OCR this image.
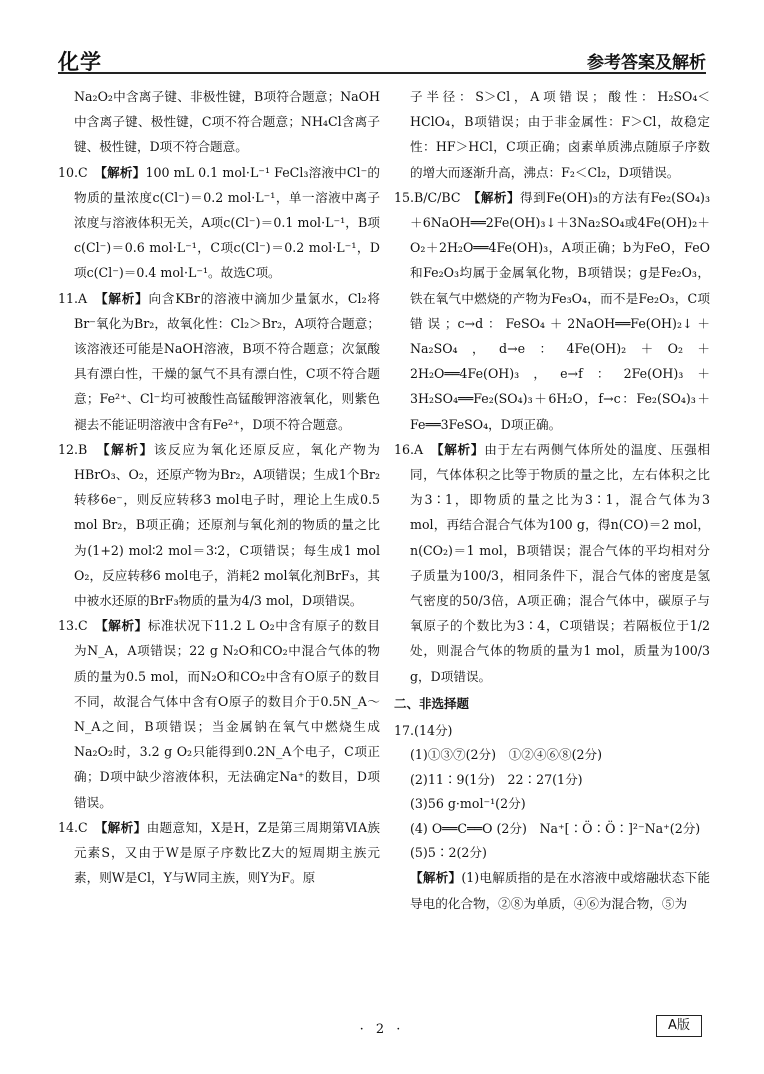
化学	参考答案及解析

Na₂O₂中含离子键、非极性键，B项符合题意；NaOH中含离子键、极性键，C项不符合题意；NH₄Cl含离子键、极性键，D项不符合题意。

10.C　 【解析】100 mL 0.1 mol·L⁻¹ FeCl₃溶液中Cl⁻的物质的量浓度c(Cl⁻)＝0.2 mol·L⁻¹，单一溶液中离子浓度与溶液体积无关，A项c(Cl⁻)＝0.1 mol·L⁻¹，B项c(Cl⁻)＝0.6 mol·L⁻¹，C项c(Cl⁻)＝0.2 mol·L⁻¹，D项c(Cl⁻)＝0.4 mol·L⁻¹。故选C项。

11.A　 【解析】向含KBr的溶液中滴加少量氯水，Cl₂将Br⁻氧化为Br₂，故氧化性：Cl₂＞Br₂，A项符合题意；该溶液还可能是NaOH溶液，B项不符合题意；次氯酸具有漂白性，干燥的氯气不具有漂白性，C项不符合题意；Fe²⁺、Cl⁻均可被酸性高锰酸钾溶液氧化，则紫色褪去不能证明溶液中含有Fe²⁺，D项不符合题意。

12.B　 【解析】该反应为氧化还原反应，氧化产物为HBrO₃、O₂，还原产物为Br₂，A项错误；生成1个Br₂转移6e⁻，则反应转移3 mol电子时，理论上生成0.5 mol Br₂，B项正确；还原剂与氧化剂的物质的量之比为(1+2) mol∶2 mol＝3∶2，C项错误；每生成1 mol O₂，反应转移6 mol电子，消耗2 mol氧化剂BrF₃，其中被水还原的BrF₃物质的量为4/3 mol，D项错误。

13.C　 【解析】标准状况下11.2 L O₂中含有原子的数目为N_A，A项错误；22 g N₂O和CO₂中混合气体的物质的量为0.5 mol，而N₂O和CO₂中含有O原子的数目不同，故混合气体中含有O原子的数目介于0.5N_A～N_A之间，B项错误；当金属钠在氧气中燃烧生成Na₂O₂时，3.2 g O₂只能得到0.2N_A个电子，C项正确；D项中缺少溶液体积，无法确定Na⁺的数目，D项错误。

14.C　 【解析】由题意知，X是H，Z是第三周期第ⅥA族元素S，又由于W是原子序数比Z大的短周期主族元素，则W是Cl，Y与W同主族，则Y为F。原

子半径：S＞Cl，A项错误；酸性：H₂SO₄＜HClO₄，B项错误；由于非金属性：F＞Cl，故稳定性：HF＞HCl，C项正确；卤素单质沸点随原子序数的增大而逐渐升高，沸点：F₂＜Cl₂，D项错误。

15.B/C/BC　 【解析】得到Fe(OH)₃的方法有Fe₂(SO₄)₃＋6NaOH══2Fe(OH)₃↓＋3Na₂SO₄或4Fe(OH)₂＋O₂＋2H₂O══4Fe(OH)₃，A项正确；b为FeO，FeO和Fe₂O₃均属于金属氧化物，B项错误；g是Fe₂O₃，铁在氧气中燃烧的产物为Fe₃O₄，而不是Fe₂O₃，C项错误；c→d：FeSO₄＋2NaOH══Fe(OH)₂↓＋Na₂SO₄，d→e：4Fe(OH)₂＋O₂＋2H₂O══4Fe(OH)₃，e→f：2Fe(OH)₃＋3H₂SO₄══Fe₂(SO₄)₃＋6H₂O，f→c：Fe₂(SO₄)₃＋Fe══3FeSO₄，D项正确。

16.A　 【解析】由于左右两侧气体所处的温度、压强相同，气体体积之比等于物质的量之比，左右体积之比为3∶1，即物质的量之比为3∶1，混合气体为3 mol，再结合混合气体为100 g，得n(CO)＝2 mol，n(CO₂)＝1 mol，B项错误；混合气体的平均相对分子质量为100/3，相同条件下，混合气体的密度是氢气密度的50/3倍，A项正确；混合气体中，碳原子与氧原子的个数比为3∶4，C项错误；若隔板位于1/2处，则混合气体的物质的量为1 mol，质量为100/3 g，D项错误。

二、非选择题

17.(14分)

(1)①③⑦(2分)　①②④⑥⑧(2分)

(2)11∶9(1分)　22∶27(1分)

(3)56 g·mol⁻¹(2分)

(4) O══C══O (2分)　Na⁺[∶Ö∶Ö∶]²⁻Na⁺(2分)

(5)5∶2(2分)

【解析】(1)电解质指的是在水溶液中或熔融状态下能导电的化合物，②⑧为单质，④⑥为混合物，⑤为

· 2 ·	A版
